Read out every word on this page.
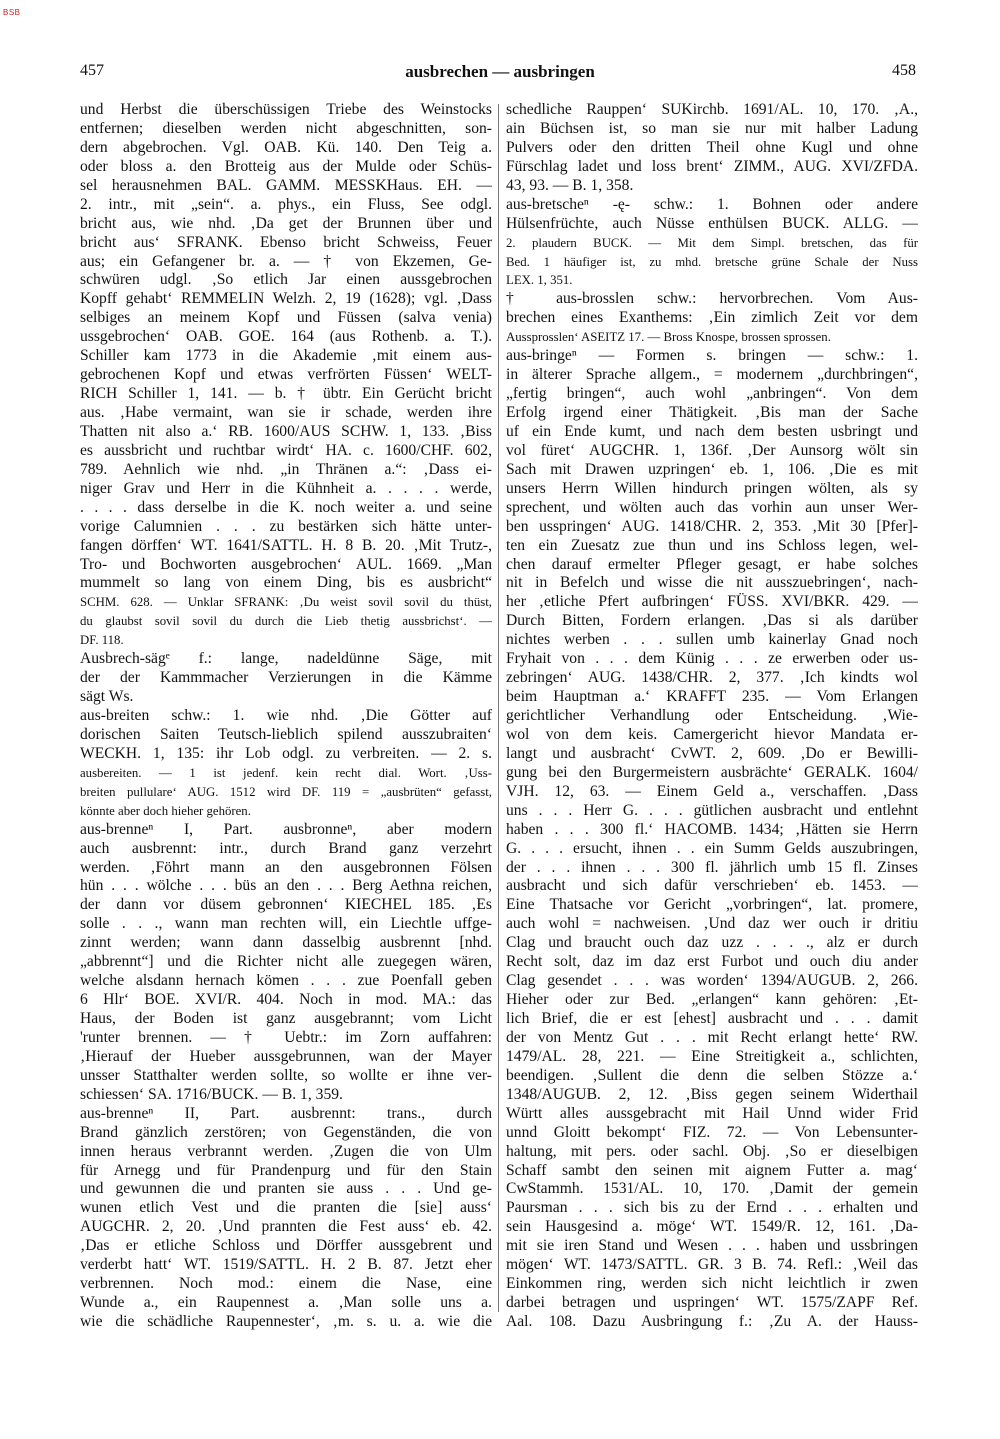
BSB
457	ausbrechen — ausbringen	458
und Herbst die überschüssigen Triebe des Weinstocks
entfernen; dieselben werden nicht abgeschnitten, son-
dern abgebrochen. Vgl. OAB. Kü. 140. Den Teig a.
oder bloss a. den Brotteig aus der Mulde oder Schüs-
sel herausnehmen BAL. GAMM. MESSKHaus. EH. —
2. intr., mit „sein“. a. phys., ein Fluss, See odgl.
bricht aus, wie nhd. ‚Da get der Brunnen über und
bricht aus‘ SFRANK. Ebenso bricht Schweiss, Feuer
aus; ein Gefangener br. a. — † von Ekzemen, Ge-
schwüren udgl. ‚So etlich Jar einen aussgebrochen
Kopff gehabt‘ REMMELIN Welzh. 2, 19 (1628); vgl. ‚Dass
selbiges an meinem Kopf und Füssen (salva venia)
ussgebrochen‘ OAB. GOE. 164 (aus Rothenb. a. T.).
Schiller kam 1773 in die Akademie ‚mit einem aus-
gebrochenen Kopf und etwas verfrörten Füssen‘ WELT-
RICH Schiller 1, 141. — b. † übtr. Ein Gerücht bricht
aus. ‚Habe vermaint, wan sie ir schade, werden ihre
Thatten nit also a.‘ RB. 1600/AUS SCHW. 1, 133. ‚Biss
es aussbricht und ruchtbar wirdt‘ HA. c. 1600/CHF. 602,
789. Aehnlich wie nhd. „in Thränen a.“: ‚Dass ei-
niger Grav und Herr in die Kühnheit a. . . . . werde,
. . . . dass derselbe in die K. noch weiter a. und seine
vorige Calumnien . . . zu bestärken sich hätte unter-
fangen dörffen‘ WT. 1641/SATTL. H. 8 B. 20. ‚Mit Trutz-,
Tro- und Bochworten ausgebrochen‘ AUL. 1669. „Man
mummelt so lang von einem Ding, bis es ausbricht“
SCHM. 628. — Unklar SFRANK: ‚Du weist sovil sovil du thüst,
du glaubst sovil sovil du durch die Lieb thetig aussbrichst‘. —
DF. 118.
Ausbrech-sägᵉ f.: lange, nadeldünne Säge, mit
der der Kammmacher Verzierungen in die Kämme
sägt Ws.
aus-breiten schw.: 1. wie nhd. ‚Die Götter auf
dorischen Saiten Teutsch-lieblich spilend ausszubraiten‘
WECKH. 1, 135: ihr Lob odgl. zu verbreiten. — 2. s.
ausbereiten. — 1 ist jedenf. kein recht dial. Wort. ‚Uss-
breiten pullulare‘ AUG. 1512 wird DF. 119 = „ausbrüten“ gefasst,
könnte aber doch hieher gehören.
aus-brenneⁿ I, Part. ausbronneⁿ, aber modern
auch ausbrennt: intr., durch Brand ganz verzehrt
werden. ‚Föhrt mann an den ausgebronnen Fölsen
hün . . . wölche . . . büs an den . . . Berg Aethna reichen,
der dann vor düsem gebronnen‘ KIECHEL 185. ‚Es
solle . . ., wann man rechten will, ein Liechtle uffge-
zinnt werden; wann dann dasselbig ausbrennt [nhd.
„abbrennt“] und die Richter nicht alle zuegegen wären,
welche alsdann hernach kömen . . . zue Poenfall geben
6 Hlr‘ BOE. XVI/R. 404. Noch in mod. MA.: das
Haus, der Boden ist ganz ausgebrannt; vom Licht
'runter brennen. — † Uebtr.: im Zorn auffahren:
‚Hierauf der Hueber aussgebrunnen, wan der Mayer
unsser Statthalter werden sollte, so wollte er ihne ver-
schiessen‘ SA. 1716/BUCK. — B. 1, 359.
aus-brenneⁿ II, Part. ausbrennt: trans., durch
Brand gänzlich zerstören; von Gegenständen, die von
innen heraus verbrannt werden. ‚Zugen die von Ulm
für Arnegg und für Prandenpurg und für den Stain
und gewunnen die und pranten sie auss . . . Und ge-
wunen etlich Vest und die pranten die [sie] auss‘
AUGCHR. 2, 20. ‚Und prannten die Fest auss‘ eb. 42.
‚Das er etliche Schloss und Dörffer aussgebrent und
verderbt hatt‘ WT. 1519/SATTL. H. 2 B. 87. Jetzt eher
verbrennen. Noch mod.: einem die Nase, eine
Wunde a., ein Raupennest a. ‚Man solle uns a.
wie die schädliche Raupennester‘, ‚m. s. u. a. wie die
schedliche Rauppen‘ SUKirchb. 1691/AL. 10, 170. ‚A.,
ain Büchsen ist, so man sie nur mit halber Ladung
Pulvers oder den dritten Theil ohne Kugl und ohne
Fürschlag ladet und loss brent‘ ZIMM., AUG. XVI/ZFDA.
43, 93. — B. 1, 358.
aus-bretscheⁿ -ę- schw.: 1. Bohnen oder andere
Hülsenfrüchte, auch Nüsse enthülsen BUCK. ALLG. —
2. plaudern BUCK. — Mit dem Simpl. bretschen, das für
Bed. 1 häufiger ist, zu mhd. bretsche grüne Schale der Nuss
LEX. 1, 351.
† aus-brosslen schw.: hervorbrechen. Vom Aus-
brechen eines Exanthems: ‚Ein zimlich Zeit vor dem
Aussprosslen‘ ASEITZ 17. — Bross Knospe, brossen sprossen.
aus-bringeⁿ — Formen s. bringen — schw.: 1.
in älterer Sprache allgem., = modernem „durchbringen“,
„fertig bringen“, auch wohl „anbringen“. Von dem
Erfolg irgend einer Thätigkeit. ‚Bis man der Sache
uf ein Ende kumt, und nach dem besten usbringt und
vol füret‘ AUGCHR. 1, 136f. ‚Der Aunsorg wölt sin
Sach mit Drawen uzpringen‘ eb. 1, 106. ‚Die es mit
unsers Herrn Willen hindurch pringen wölten, als sy
sprechent, und wölten auch das vorhin aun unser Wer-
ben usspringen‘ AUG. 1418/CHR. 2, 353. ‚Mit 30 [Pfer]-
ten ein Zuesatz zue thun und ins Schloss legen, wel-
chen darauf ermelter Pfleger gesagt, er habe solches
nit in Befelch und wisse die nit ausszuebringen‘, nach-
her ‚etliche Pfert aufbringen‘ FÜSS. XVI/BKR. 429. —
Durch Bitten, Fordern erlangen. ‚Das si als darüber
nichtes werben . . . sullen umb kainerlay Gnad noch
Fryhait von . . . dem Künig . . . ze erwerben oder us-
zebringen‘ AUG. 1438/CHR. 2, 377. ‚Ich kindts wol
beim Hauptman a.‘ KRAFFT 235. — Vom Erlangen
gerichtlicher Verhandlung oder Entscheidung. ‚Wie-
wol von dem keis. Camergericht hievor Mandata er-
langt und ausbracht‘ CvWT. 2, 609. ‚Do er Bewilli-
gung bei den Burgermeistern ausbrächte‘ GERALK. 1604/
VJH. 12, 63. — Einem Geld a., verschaffen. ‚Dass
uns . . . Herr G. . . . gütlichen ausbracht und entlehnt
haben . . . 300 fl.‘ HACOMB. 1434; ‚Hätten sie Herrn
G. . . . ersucht, ihnen . . ein Summ Gelds auszubringen,
der . . . ihnen . . . 300 fl. jährlich umb 15 fl. Zinses
ausbracht und sich dafür verschrieben‘ eb. 1453. —
Eine Thatsache vor Gericht „vorbringen“, lat. promere,
auch wohl = nachweisen. ‚Und daz wer ouch ir dritiu
Clag und braucht ouch daz uzz . . . ., alz er durch
Recht solt, daz im daz erst Furbot und ouch diu ander
Clag gesendet . . . was worden‘ 1394/AUGUB. 2, 266.
Hieher oder zur Bed. „erlangen“ kann gehören: ‚Et-
lich Brief, die er est [ehest] ausbracht und . . . damit
der von Mentz Gut . . . mit Recht erlangt hette‘ RW.
1479/AL. 28, 221. — Eine Streitigkeit a., schlichten,
beendigen. ‚Sullent die denn die selben Stözze a.‘
1348/AUGUB. 2, 12. ‚Biss gegen seinem Widerthail
Württ alles aussgebracht mit Hail Unnd wider Frid
unnd Gloitt bekompt‘ FIZ. 72. — Von Lebensunter-
haltung, mit pers. oder sachl. Obj. ‚So er dieselbigen
Schaff sambt den seinen mit aignem Futter a. mag‘
CwStammh. 1531/AL. 10, 170. ‚Damit der gemein
Paursman . . . sich bis zu der Ernd . . . erhalten und
sein Hausgesind a. möge‘ WT. 1549/R. 12, 161. ‚Da-
mit sie iren Stand und Wesen . . . haben und ussbringen
mögen‘ WT. 1473/SATTL. GR. 3 B. 74. Refl.: ‚Weil das
Einkommen ring, werden sich nicht leichtlich ir zwen
darbei betragen und uspringen‘ WT. 1575/ZAPF Ref.
Aal. 108. Dazu Ausbringung f.: ‚Zu A. der Hauss-
